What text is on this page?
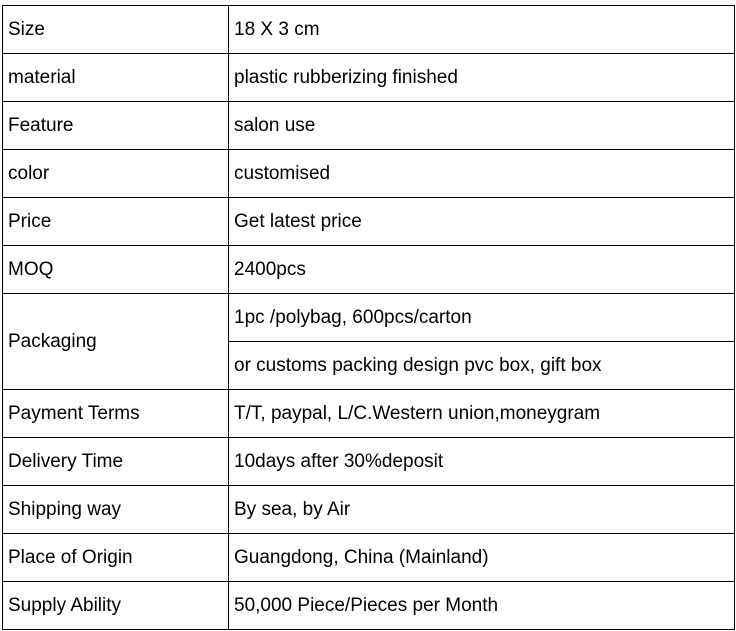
Size	18 X 3 cm
material	plastic rubberizing finished
Feature	salon use
color	customised
Price	Get latest price
MOQ	2400pcs
Packaging	1pc /polybag, 600pcs/carton
	or customs packing design pvc box, gift box
Payment Terms	T/T, paypal, L/C.Western union,moneygram
Delivery Time	10days after 30%deposit
Shipping way	By sea, by Air
Place of Origin	Guangdong, China (Mainland)
Supply Ability	50,000 Piece/Pieces per Month
